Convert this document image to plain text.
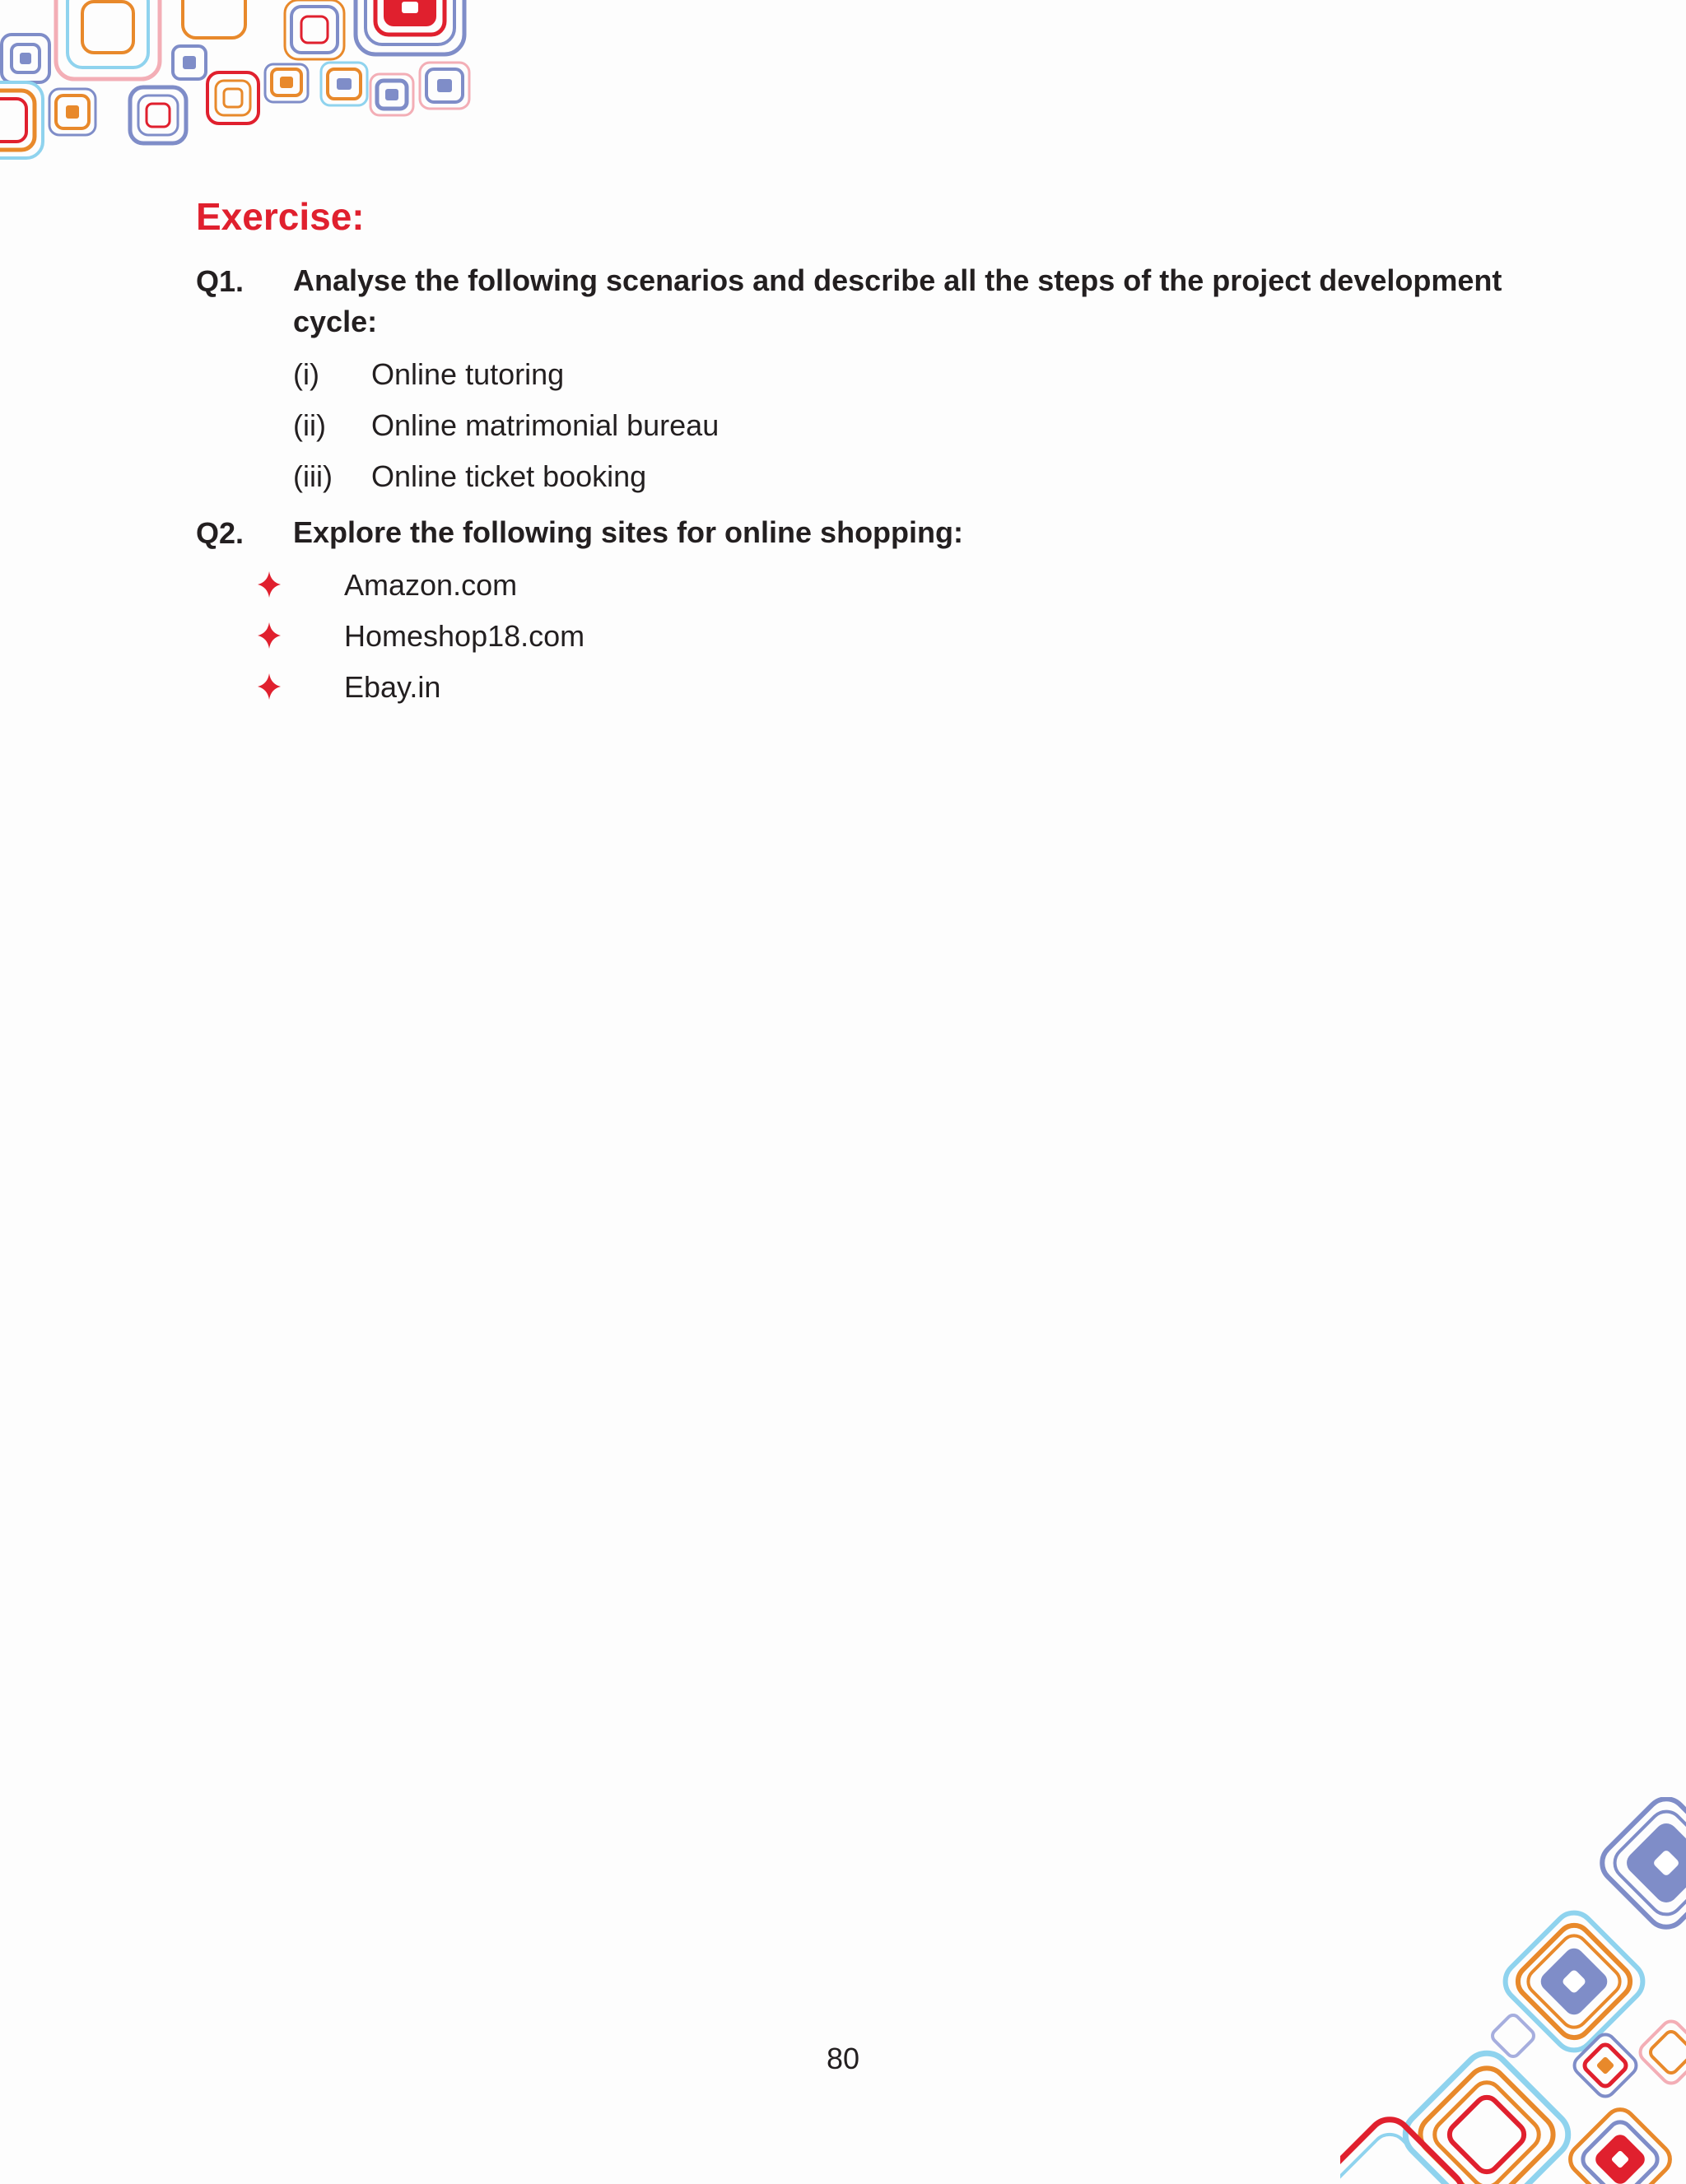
Exercise:
Q1. Analyse the following scenarios and describe all the steps of the project development cycle:
(i) Online tutoring
(ii) Online matrimonial bureau
(iii) Online ticket booking
Q2. Explore the following sites for online shopping:
Amazon.com
Homeshop18.com
Ebay.in
80
